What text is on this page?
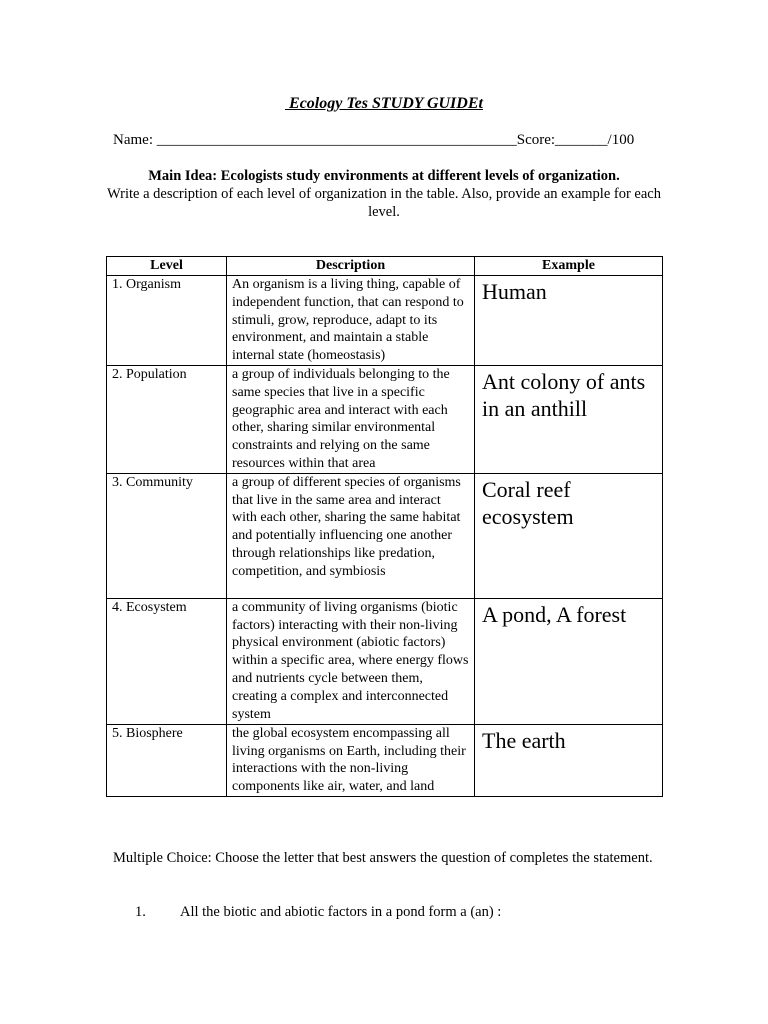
Ecology Tes STUDY GUIDEt
Name: ________________________________________________Score:_______/100
Main Idea: Ecologists study environments at different levels of organization.
Write a description of each level of organization in the table. Also, provide an example for each level.
Level	Description	Example
1. Organism	An organism is a living thing, capable of independent function, that can respond to stimuli, grow, reproduce, adapt to its environment, and maintain a stable internal state (homeostasis)	Human
2. Population	a group of individuals belonging to the same species that live in a specific geographic area and interact with each other, sharing similar environmental constraints and relying on the same resources within that area	Ant colony of ants in an anthill
3. Community	a group of different species of organisms that live in the same area and interact with each other, sharing the same habitat and potentially influencing one another through relationships like predation, competition, and symbiosis	Coral reef ecosystem
4. Ecosystem	a community of living organisms (biotic factors) interacting with their non-living physical environment (abiotic factors) within a specific area, where energy flows and nutrients cycle between them, creating a complex and interconnected system	A pond, A forest
5. Biosphere	the global ecosystem encompassing all living organisms on Earth, including their interactions with the non-living components like air, water, and land	The earth
Multiple Choice: Choose the letter that best answers the question of completes the statement.
1. All the biotic and abiotic factors in a pond form a (an) :
